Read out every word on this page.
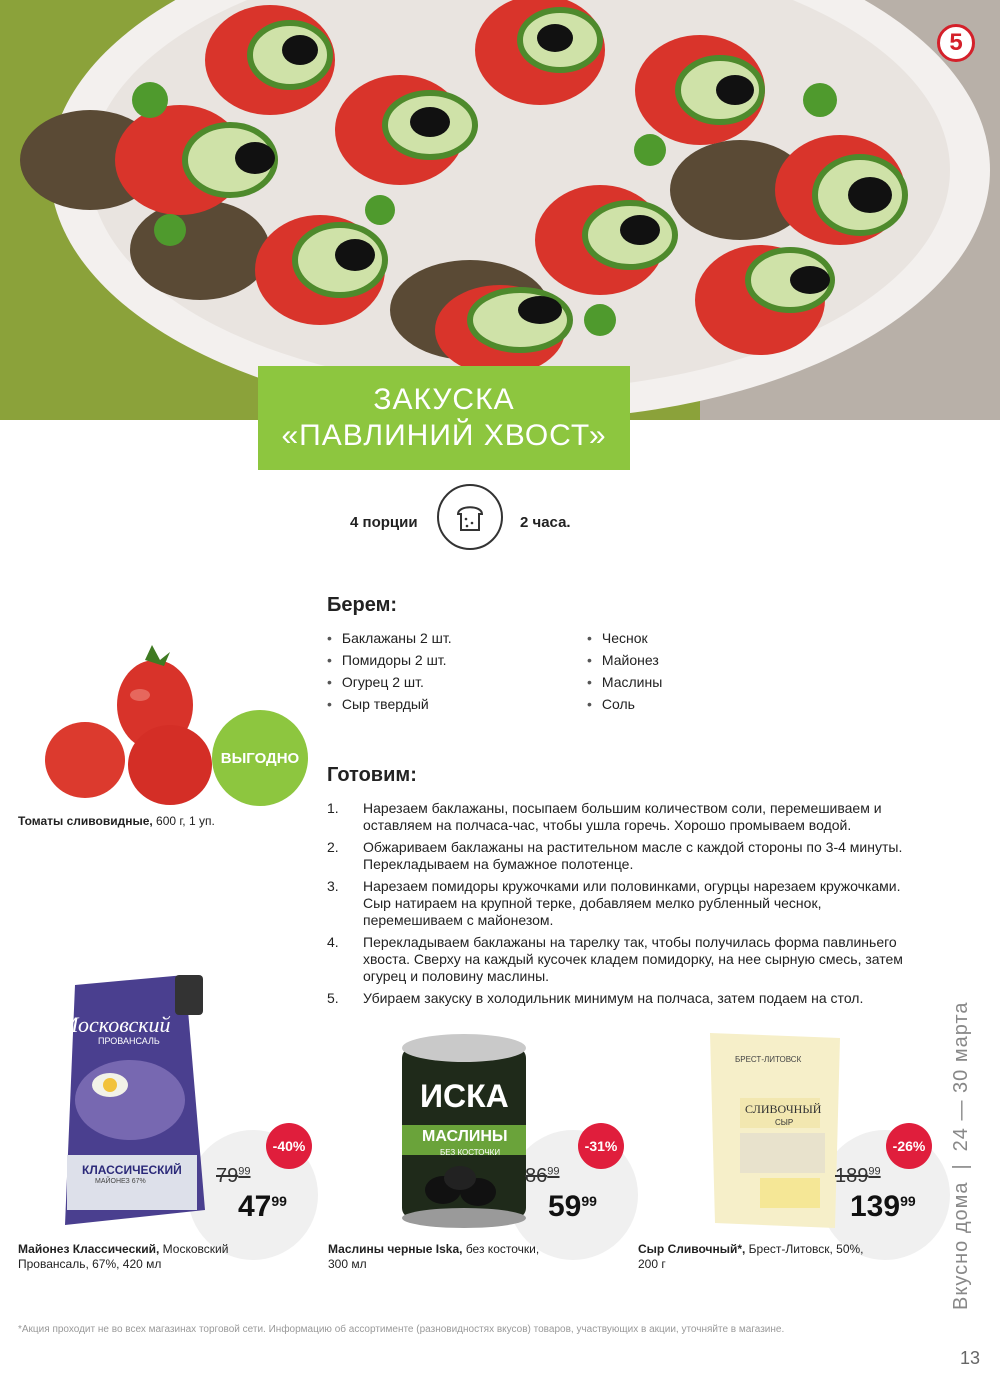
5
ЗАКУСКА
«ПАВЛИНИЙ ХВОСТ»
4 порции	2 часа.
Берем:
• Баклажаны 2 шт.
• Помидоры 2 шт.
• Огурец 2 шт.
• Сыр твердый
• Чеснок
• Майонез
• Маслины
• Соль
Готовим:
1.	Нарезаем баклажаны, посыпаем большим количеством соли, перемешиваем и оставляем на полчаса-час, чтобы ушла горечь. Хорошо промываем водой.
2.	Обжариваем баклажаны на растительном масле с каждой стороны по 3-4 минуты. Перекладываем на бумажное полотенце.
3.	Нарезаем помидоры кружочками или половинками, огурцы нарезаем кружочками. Сыр натираем на крупной терке, добавляем мелко рубленный чеснок, перемешиваем с майонезом.
4.	Перекладываем баклажаны на тарелку так, чтобы получилась форма павлиньего хвоста. Сверху на каждый кусочек кладем помидорку, на нее сырную смесь, затем огурец и половину маслины.
5.	Убираем закуску в холодильник минимум на полчаса, затем подаем на стол.
ВЫГОДНО
Томаты сливовидные, 600 г, 1 уп.
Московский
ПРОВАНСАЛЬ
КЛАССИЧЕСКИЙ
МАЙОНЕЗ 67%
-40%
$79^{99}$
$47^{99}$
Майонез Классический, Московский Провансаль, 67%, 420 мл
ИСКА
МАСЛИНЫ
БЕЗ КОСТОЧКИ	-31%
$86^{99}$
$59^{99}$
Маслины черные Iska, без косточки, 300 мл
БРЕСТ-ЛИТОВСК
СЛИВОЧНЫЙ
СЫР
-26%
$189^{99}$
$139^{99}$
Сыр Сливочный*, Брест-Литовск, 50%, 200 г	Вкусно дома|24 — 30 марта
*Акция проходит не во всех магазинах торговой сети. Информацию об ассортименте (разновидностях вкусов) товаров, участвующих в акции, уточняйте в магазине.
13
